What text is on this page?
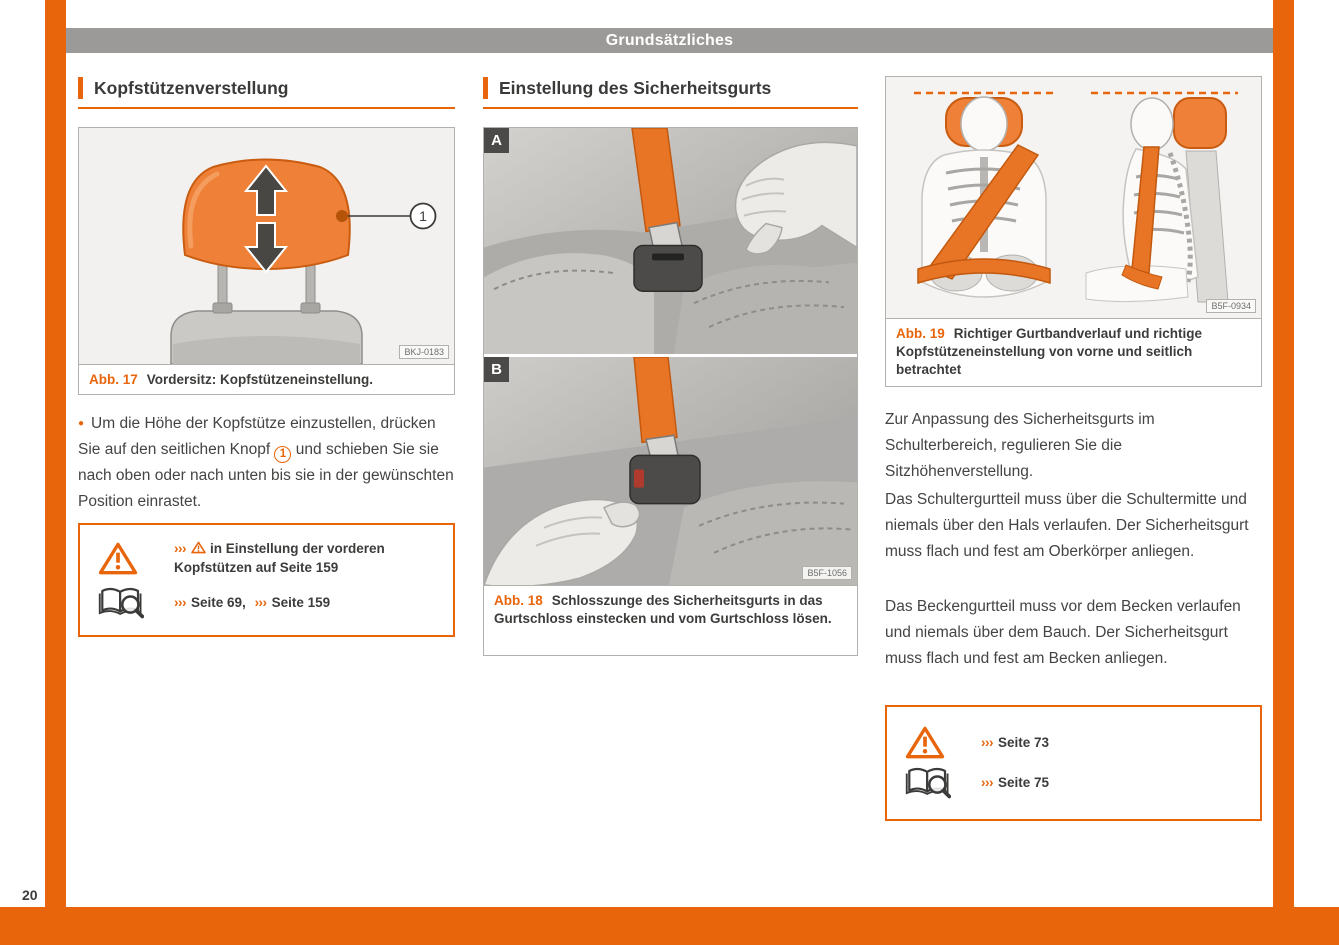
Grundsätzliches
Kopfstützenverstellung
1
BKJ-0183
Abb. 17 Vordersitz: Kopfstützeneinstellung.
● Um die Höhe der Kopfstütze einzustellen, drücken Sie auf den seitlichen Knopf 1 und schieben Sie sie nach oben oder nach unten bis sie in der gewünschten Position einrastet.
››› in Einstellung der vorderen Kopfstützen auf Seite 159
››› Seite 69, ››› Seite 159
Einstellung des Sicherheitsgurts
A
B
B5F-1056
Abb. 18 Schlosszunge des Sicherheitsgurts in das Gurtschloss einstecken und vom Gurtschloss lösen.
B5F-0934
Abb. 19 Richtiger Gurtbandverlauf und richtige Kopfstützeneinstellung von vorne und seitlich betrachtet
Zur Anpassung des Sicherheitsgurts im Schulterbereich, regulieren Sie die Sitzhöhenverstellung.
Das Schultergurtteil muss über die Schultermitte und niemals über den Hals verlaufen. Der Sicherheitsgurt muss flach und fest am Oberkörper anliegen.
Das Beckengurtteil muss vor dem Becken verlaufen und niemals über dem Bauch. Der Sicherheitsgurt muss flach und fest am Becken anliegen.
››› Seite 73
››› Seite 75
20
